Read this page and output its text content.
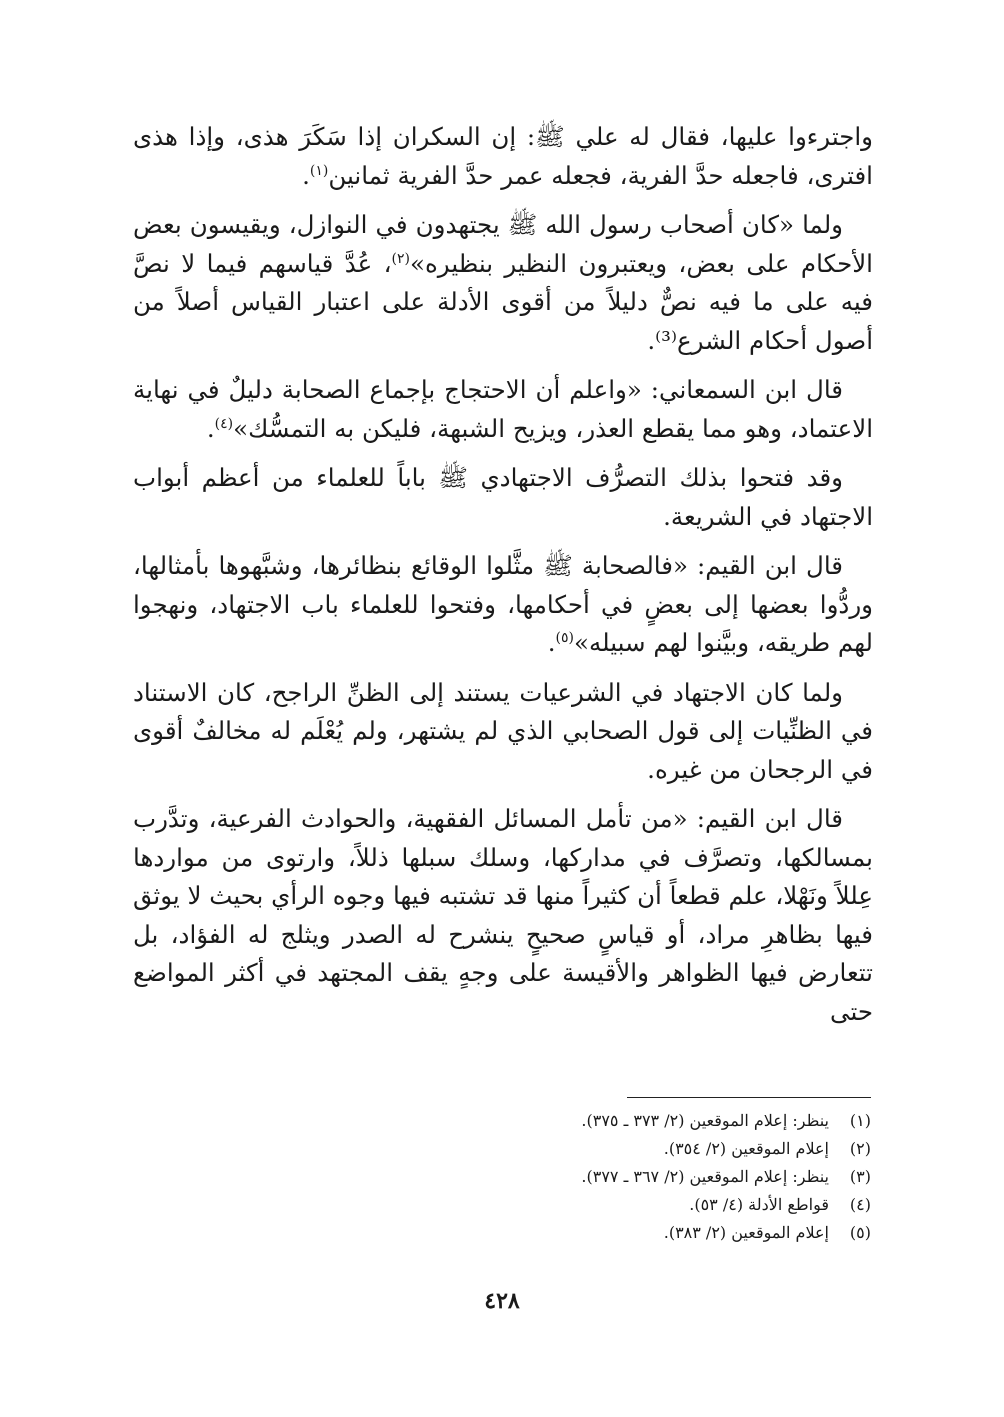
واجترءوا عليها، فقال له علي ﷺ: إن السكران إذا سَكَرَ هذى، وإذا هذى افترى، فاجعله حدَّ الفرية، فجعله عمر حدَّ الفرية ثمانين$^{(١)}$.

ولما «كان أصحاب رسول الله ﷺ يجتهدون في النوازل، ويقيسون بعض الأحكام على بعض، ويعتبرون النظير بنظيره»$^{(٢)}$، عُدَّ قياسهم فيما لا نصَّ فيه على ما فيه نصٌّ دليلاً من أقوى الأدلة على اعتبار القياس أصلاً من أصول أحكام الشرع⁽³⁾.

قال ابن السمعاني: «واعلم أن الاحتجاج بإجماع الصحابة دليلٌ في نهاية الاعتماد، وهو مما يقطع العذر، ويزيح الشبهة، فليكن به التمسُّك»$^{(٤)}$.

وقد فتحوا بذلك التصرُّف الاجتهادي ﷺ باباً للعلماء من أعظم أبواب الاجتهاد في الشريعة.

قال ابن القيم: «فالصحابة ﷺ مثَّلوا الوقائع بنظائرها، وشبَّهوها بأمثالها، وردُّوا بعضها إلى بعضٍ في أحكامها، وفتحوا للعلماء باب الاجتهاد، ونهجوا لهم طريقه، وبيَّنوا لهم سبيله»$^{(٥)}$.

ولما كان الاجتهاد في الشرعيات يستند إلى الظنِّ الراجح، كان الاستناد في الظنِّيات إلى قول الصحابي الذي لم يشتهر، ولم يُعْلَم له مخالفٌ أقوى في الرجحان من غيره.

قال ابن القيم: «من تأمل المسائل الفقهية، والحوادث الفرعية، وتدَّرب بمسالكها، وتصرَّف في مداركها، وسلك سبلها ذللاً، وارتوى من مواردها عِللاً ونَهْلا، علم قطعاً أن كثيراً منها قد تشتبه فيها وجوه الرأي بحيث لا يوثق فيها بظاهرِ مراد، أو قياسٍ صحيحٍ ينشرح له الصدر ويثلج له الفؤاد، بل تتعارض فيها الظواهر والأقيسة على وجهٍ يقف المجتهد في أكثر المواضع حتى

(١)
ينظر: إعلام الموقعين (٢/ ٣٧٣ ـ ٣٧٥).
(٢)
إعلام الموقعين (٢/ ٣٥٤).
(٣)
ينظر: إعلام الموقعين (٢/ ٣٦٧ ـ ٣٧٧).
(٤)
قواطع الأدلة (٤/ ٥٣).
(٥)
إعلام الموقعين (٢/ ٣٨٣).
٤٢٨
